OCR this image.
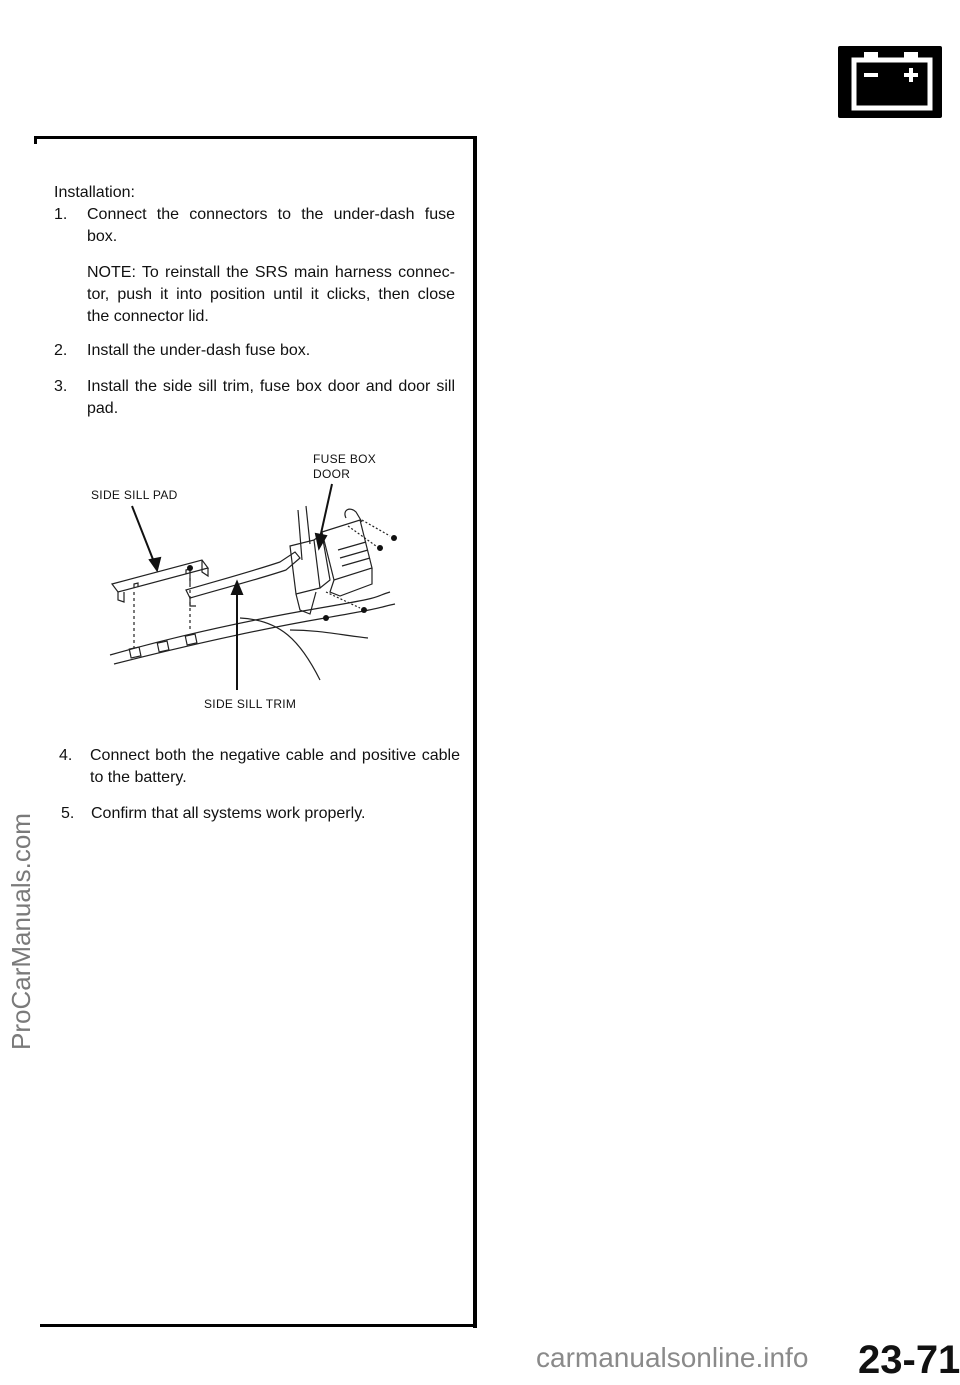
Installation:
1. Connect the connectors to the under-dash fuse
box.
NOTE: To reinstall the SRS main harness connec-
tor, push it into position until it clicks, then close
the connector lid.
2. Install the under-dash fuse box.
3. Install the side sill trim, fuse box door and door sill
pad.
FUSE BOX
DOOR
SIDE SILL PAD
SIDE SILL TRIM
4. Connect both the negative cable and positive cable
to the battery.
5. Confirm that all systems work properly.
ProCarManuals.com
carmanualsonline.info 23-71
